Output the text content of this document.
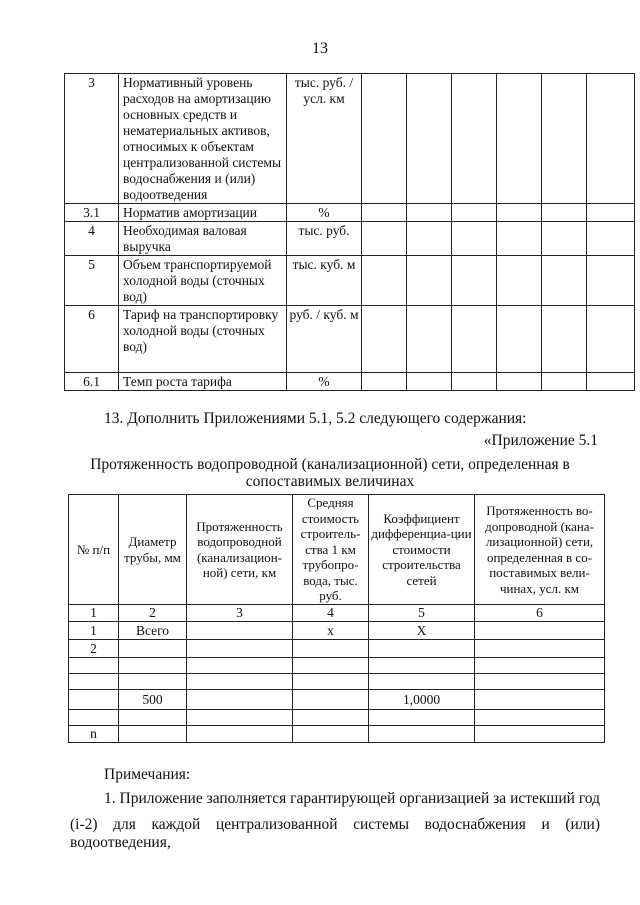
13
3	Нормативный уровень расходов на амортизацию основных средств и нематериальных активов, относимых к объектам централизованной системы водоснабжения и (или) водоотведения	тыс. руб. / усл. км						
3.1	Норматив амортизации	%						
4	Необходимая валовая выручка	тыс. руб.						
5	Объем транспортируемой холодной воды (сточных вод)	тыс. куб. м						
6	Тариф на транспортировку холодной воды (сточных вод)	руб. / куб. м						
6.1	Темп роста тарифа	%						
13. Дополнить Приложениями 5.1, 5.2 следующего содержания:
«Приложение 5.1
Протяженность водопроводной (канализационной) сети, определенная в сопоставимых величинах
№ п/п	Диаметр трубы, мм	Протяженность водопроводной (канализацион-ной) сети, км	Средняя стоимость строитель-ства 1 км трубопро-вода, тыс. руб.	Коэффициент дифференциа-ции стоимости строительства сетей	Протяженность во-допроводной (кана-лизационной) сети, определенная в со-поставимых вели-чинах, усл. км
1	2	3	4	5	6
1	Всего		x	X	
2					

	500			1,0000	

n					
Примечания:
1. Приложение заполняется гарантирующей организацией за истекший год
(i-2) для каждой централизованной системы водоснабжения и (или) водоотведения,
